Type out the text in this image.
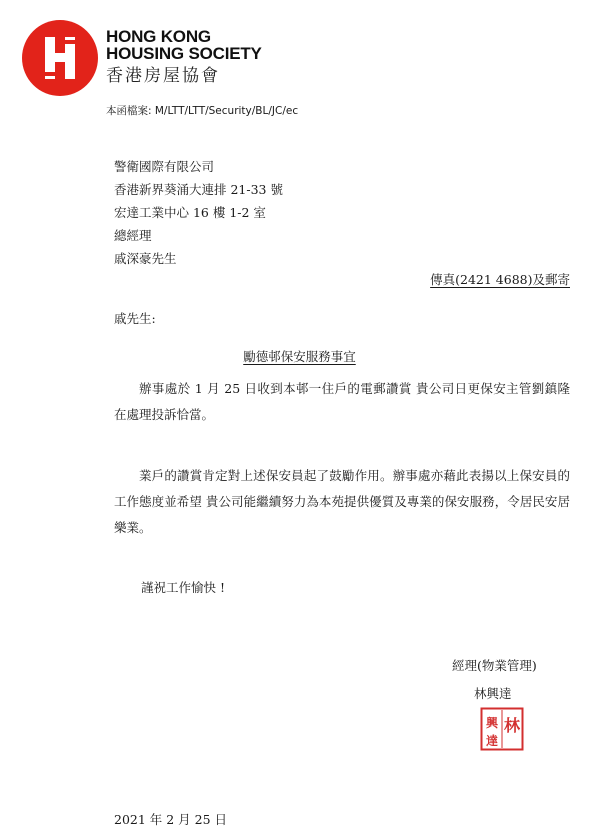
HONG KONG
HOUSING SOCIETY
香港房屋協會
本函檔案: M/LTT/LTT/Security/BL/JC/ec
警衛國際有限公司
香港新界葵涌大連排 21-33 號
宏達工業中心 16 樓 1-2 室
總經理
戚深豪先生
傳真(2421 4688)及郵寄
戚先生:
勵德邨保安服務事宜

辦事處於 1 月 25 日收到本邨一住戶的電郵讚賞 貴公司日更保安主管劉鎮隆在處理投訴恰當。

業戶的讚賞肯定對上述保安員起了鼓勵作用。辦事處亦藉此表揚以上保安員的工作態度並希望 貴公司能繼續努力為本苑提供優質及專業的保安服務，令居民安居樂業。

謹祝工作愉快 !
經理(物業管理)
林興達
林
興
達
2021 年 2 月 25 日
